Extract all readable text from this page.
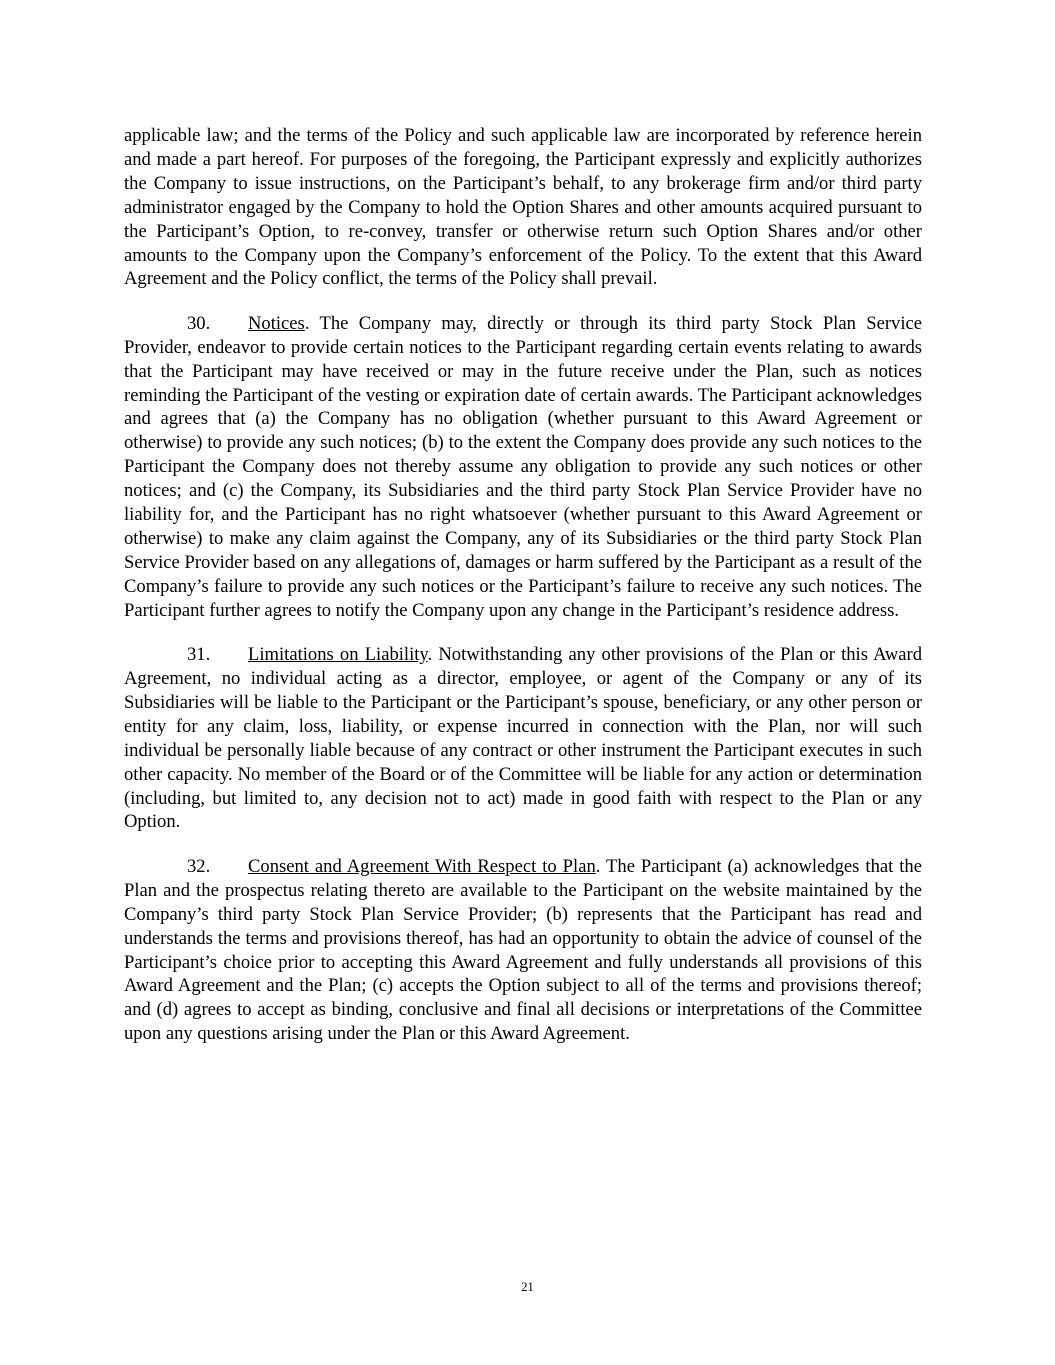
applicable law; and the terms of the Policy and such applicable law are incorporated by reference herein and made a part hereof. For purposes of the foregoing, the Participant expressly and explicitly authorizes the Company to issue instructions, on the Participant’s behalf, to any brokerage firm and/or third party administrator engaged by the Company to hold the Option Shares and other amounts acquired pursuant to the Participant’s Option, to re-convey, transfer or otherwise return such Option Shares and/or other amounts to the Company upon the Company’s enforcement of the Policy. To the extent that this Award Agreement and the Policy conflict, the terms of the Policy shall prevail.

30. Notices. The Company may, directly or through its third party Stock Plan Service Provider, endeavor to provide certain notices to the Participant regarding certain events relating to awards that the Participant may have received or may in the future receive under the Plan, such as notices reminding the Participant of the vesting or expiration date of certain awards. The Participant acknowledges and agrees that (a) the Company has no obligation (whether pursuant to this Award Agreement or otherwise) to provide any such notices; (b) to the extent the Company does provide any such notices to the Participant the Company does not thereby assume any obligation to provide any such notices or other notices; and (c) the Company, its Subsidiaries and the third party Stock Plan Service Provider have no liability for, and the Participant has no right whatsoever (whether pursuant to this Award Agreement or otherwise) to make any claim against the Company, any of its Subsidiaries or the third party Stock Plan Service Provider based on any allegations of, damages or harm suffered by the Participant as a result of the Company’s failure to provide any such notices or the Participant’s failure to receive any such notices. The Participant further agrees to notify the Company upon any change in the Participant’s residence address.

31. Limitations on Liability. Notwithstanding any other provisions of the Plan or this Award Agreement, no individual acting as a director, employee, or agent of the Company or any of its Subsidiaries will be liable to the Participant or the Participant’s spouse, beneficiary, or any other person or entity for any claim, loss, liability, or expense incurred in connection with the Plan, nor will such individual be personally liable because of any contract or other instrument the Participant executes in such other capacity. No member of the Board or of the Committee will be liable for any action or determination (including, but limited to, any decision not to act) made in good faith with respect to the Plan or any Option.

32. Consent and Agreement With Respect to Plan. The Participant (a) acknowledges that the Plan and the prospectus relating thereto are available to the Participant on the website maintained by the Company’s third party Stock Plan Service Provider; (b) represents that the Participant has read and understands the terms and provisions thereof, has had an opportunity to obtain the advice of counsel of the Participant’s choice prior to accepting this Award Agreement and fully understands all provisions of this Award Agreement and the Plan; (c) accepts the Option subject to all of the terms and provisions thereof; and (d) agrees to accept as binding, conclusive and final all decisions or interpretations of the Committee upon any questions arising under the Plan or this Award Agreement.

21
